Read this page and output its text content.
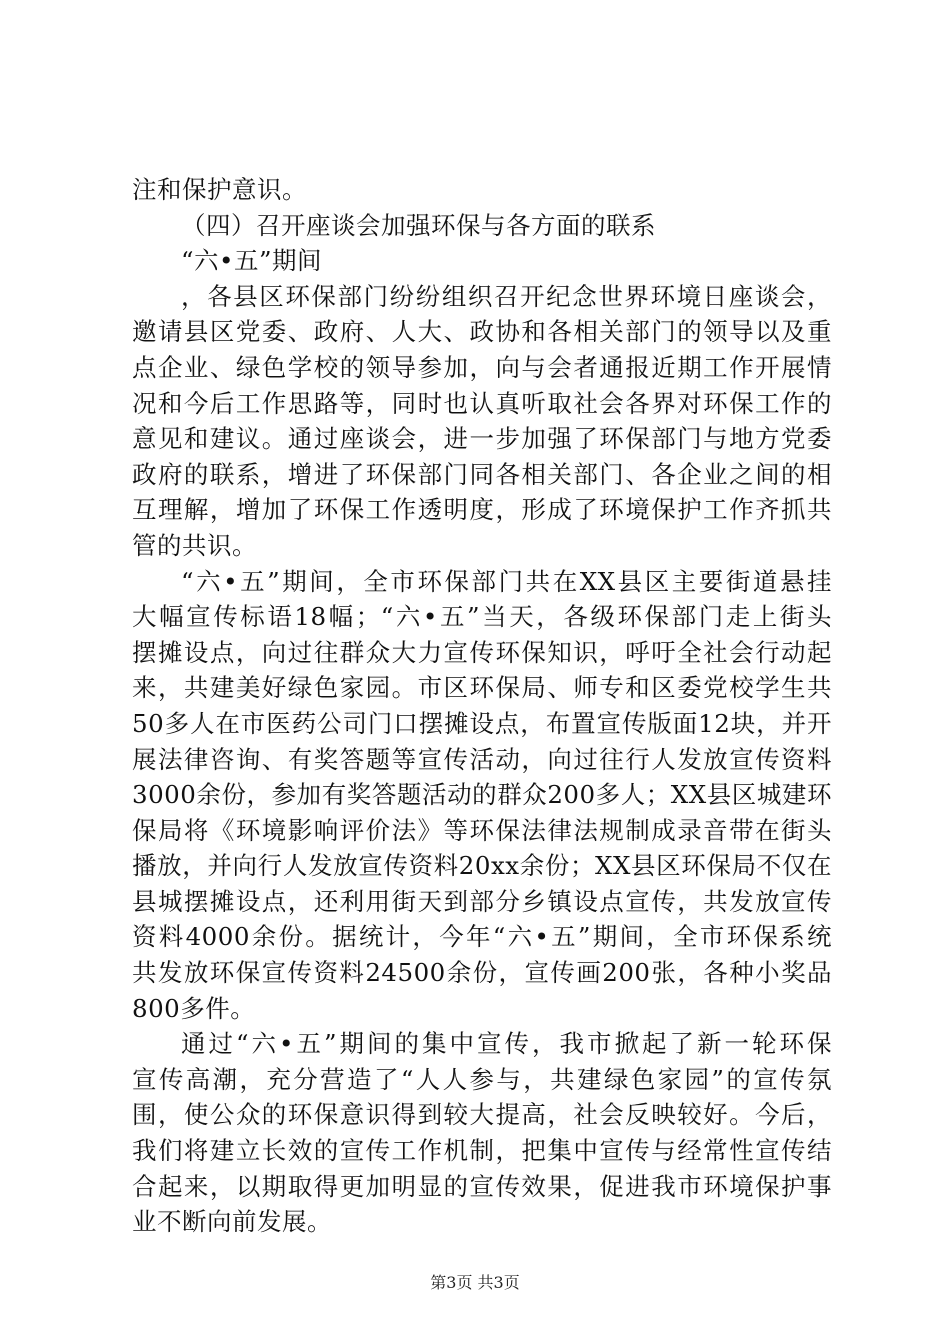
注和保护意识。
（四）召开座谈会加强环保与各方面的联系
“六•五”期间
，各县区环保部门纷纷组织召开纪念世界环境日座谈会，
邀请县区党委、政府、人大、政协和各相关部门的领导以及重
点企业、绿色学校的领导参加，向与会者通报近期工作开展情
况和今后工作思路等，同时也认真听取社会各界对环保工作的
意见和建议。通过座谈会，进一步加强了环保部门与地方党委
政府的联系，增进了环保部门同各相关部门、各企业之间的相
互理解，增加了环保工作透明度，形成了环境保护工作齐抓共
管的共识。
“六•五”期间，全市环保部门共在XX县区主要街道悬挂
大幅宣传标语18幅；“六•五”当天，各级环保部门走上街头
摆摊设点，向过往群众大力宣传环保知识，呼吁全社会行动起
来，共建美好绿色家园。市区环保局、师专和区委党校学生共
50多人在市医药公司门口摆摊设点，布置宣传版面12块，并开
展法律咨询、有奖答题等宣传活动，向过往行人发放宣传资料
3000余份，参加有奖答题活动的群众200多人；XX县区城建环
保局将《环境影响评价法》等环保法律法规制成录音带在街头
播放，并向行人发放宣传资料20xx余份；XX县区环保局不仅在
县城摆摊设点，还利用街天到部分乡镇设点宣传，共发放宣传
资料4000余份。据统计，今年“六•五”期间，全市环保系统
共发放环保宣传资料24500余份，宣传画200张，各种小奖品
800多件。
通过“六•五”期间的集中宣传，我市掀起了新一轮环保
宣传高潮，充分营造了“人人参与，共建绿色家园”的宣传氛
围，使公众的环保意识得到较大提高，社会反映较好。今后，
我们将建立长效的宣传工作机制，把集中宣传与经常性宣传结
合起来，以期取得更加明显的宣传效果，促进我市环境保护事
业不断向前发展。
第3页 共3页
